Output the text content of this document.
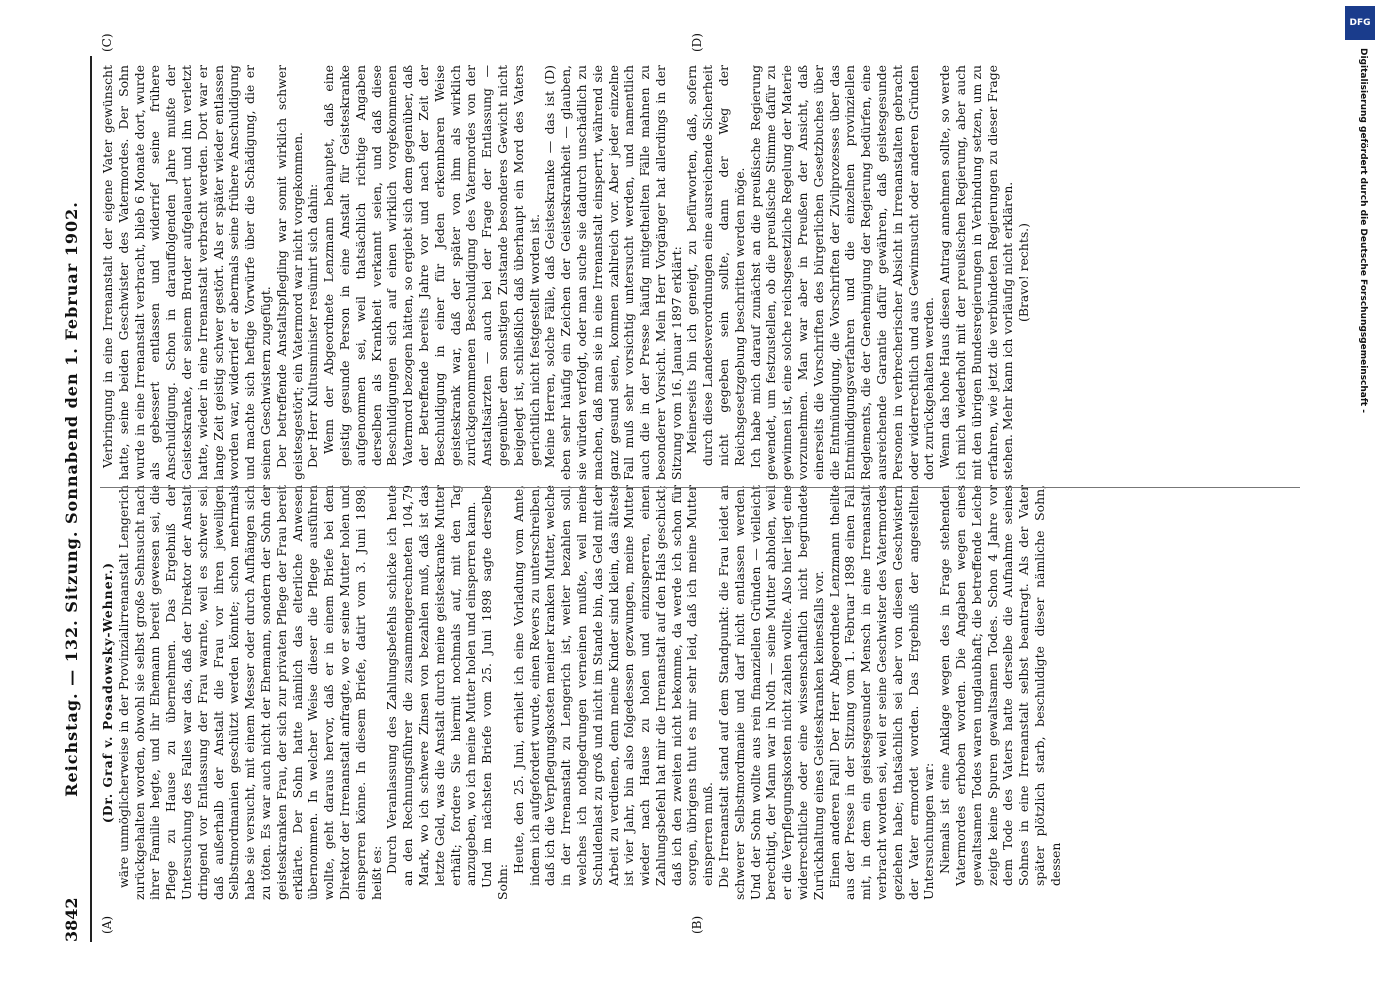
3842
Reichstag. — 132. Sitzung. Sonnabend den 1. Februar 1902.
(A)	(B)
(C)	(D)

(Dr. Graf v. Posadowsky-Wehner.) wäre unmöglicherweise in der Provinzialirrenanstalt Lengerich zurückgehalten worden, obwohl sie selbst große Sehnsucht nach ihrer Familie hegte, und ihr Ehemann bereit gewesen sei, die Pflege zu Hause zu übernehmen. Das Ergebniß der Untersuchung des Falles war das, daß der Direktor der Anstalt dringend vor Entlassung der Frau warnte, weil es schwer sei, daß außerhalb der Anstalt die Frau vor ihren jeweiligen Selbstmordmanien geschützt werden könnte; schon mehrmals habe sie versucht, mit einem Messer oder durch Aufhängen sich zu töten. Es war auch nicht der Ehemann, sondern der Sohn der geisteskranken Frau, der sich zur privaten Pflege der Frau bereit erklärte. Der Sohn hatte nämlich das elterliche Anwesen übernommen. In welcher Weise dieser die Pflege ausführen wollte, geht daraus hervor, daß er in einem Briefe bei dem Direktor der Irrenanstalt anfragte, wo er seine Mutter holen und einsperren könne. In diesem Briefe, datirt vom 3. Juni 1898, heißt es: Durch Veranlassung des Zahlungsbefehls schicke ich heute an den Rechnungsführer die zusammengerechneten 104,79 Mark, wo ich schwere Zinsen von bezahlen muß, daß ist das letzte Geld, was die Anstalt durch meine geisteskranke Mutter erhält; fordere Sie hiermit nochmals auf, mit den Tag anzugeben, wo ich meine Mutter holen und einsperren kann. Und im nächsten Briefe vom 25. Juni 1898 sagte derselbe Sohn:

Heute, den 25. Juni, erhielt ich eine Vorladung vom Amte, indem ich aufgefordert wurde, einen Revers zu unterschreiben, daß ich die Verpflegungskosten meiner kranken Mutter, welche in der Irrenanstalt zu Lengerich ist, weiter bezahlen soll, welches ich nothgedrungen verneinen mußte, weil meine Schuldenlast zu groß und nicht im Stande bin, das Geld mit der Arbeit zu verdienen, denn meine Kinder sind klein, das älteste ist vier Jahr, bin also folgedessen gezwungen, meine Mutter wieder nach Hause zu holen und einzusperren, einen Zahlungsbefehl hat mir die Irrenanstalt auf den Hals geschickt; daß ich den zweiten nicht bekomme, da werde ich schon für sorgen, übrigens thut es mir sehr leid, daß ich meine Mutter einsperren muß. Die Irrenanstalt stand auf dem Standpunkt: die Frau leidet an schwerer Selbstmordmanie und darf nicht entlassen werden. Und der Sohn wollte aus rein finanziellen Gründen — vielleicht berechtigt, der Mann war in Noth — seine Mutter abholen, weil er die Verpflegungskosten nicht zahlen wollte. Also hier liegt eine widerrechtliche oder eine wissenschaftlich nicht begründete Zurückhaltung eines Geisteskranken keinesfalls vor. Einen anderen Fall! Der Herr Abgeordnete Lenzmann theilte aus der Presse in der Sitzung vom 1. Februar 1898 einen Fall mit, in dem ein geistesgesunder Mensch in eine Irrenanstalt verbracht worden sei, weil er seine Geschwister des Vatermordes geziehen habe; thatsächlich sei aber von diesen Geschwistern der Vater ermordet worden. Das Ergebniß der angestellten Untersuchungen war: Niemals ist eine Anklage wegen des in Frage stehenden Vatermordes erhoben worden. Die Angaben wegen eines gewaltsamen Todes waren unglaubhaft; die betreffende Leiche zeigte keine Spuren gewaltsamen Todes. Schon 4 Jahre vor dem Tode des Vaters hatte derselbe die Aufnahme seines Sohnes in eine Irrenanstalt selbst beantragt. Als der Vater später plötzlich starb, beschuldigte dieser nämliche Sohn, dessen

Verbringung in eine Irrenanstalt der eigene Vater gewünscht hatte, seine beiden Geschwister des Vatermordes. Der Sohn wurde in eine Irrenanstalt verbracht, blieb 6 Monate dort, wurde als gebessert entlassen und widerrief seine frühere Anschuldigung. Schon in darauffolgenden Jahre mußte der Geisteskranke, der seinem Bruder aufgelauert und ihn verletzt hatte, wieder in eine Irrenanstalt verbracht werden. Dort war er lange Zeit geistig schwer gestört. Als er später wieder entlassen worden war, widerrief er abermals seine frühere Anschuldigung und machte sich heftige Vorwürfe über die Schädigung, die er seinen Geschwistern zugefügt. Der betreffende Anstaltspflegling war somit wirklich schwer geistesgestört; ein Vatermord war nicht vorgekommen. Der Herr Kultusminister resümirt sich dahin: Wenn der Abgeordnete Lenzmann behauptet, daß eine geistig gesunde Person in eine Anstalt für Geisteskranke aufgenommen sei, weil thatsächlich richtige Angaben derselben als Krankheit verkannt seien, und daß diese Beschuldigungen sich auf einen wirklich vorgekommenen Vatermord bezogen hätten, so ergiebt sich dem gegenüber, daß der Betreffende bereits Jahre vor und nach der Zeit der Beschuldigung in einer für Jeden erkennbaren Weise geisteskrank war, daß der später von ihm als wirklich zurückgenommenen Beschuldigung des Vatermordes von der Anstaltsärzten — auch bei der Frage der Entlassung — gegenüber dem sonstigen Zustande besonderes Gewicht nicht beigelegt ist, schließlich daß überhaupt ein Mord des Vaters gerichtlich nicht festgestellt worden ist. Meine Herren, solche Fälle, daß Geisteskranke — das ist (D) eben sehr häufig ein Zeichen der Geisteskrankheit — glauben, sie würden verfolgt, oder man suche sie dadurch unschädlich zu machen, daß man sie in eine Irrenanstalt einsperrt, während sie ganz gesund seien, kommen zahlreich vor. Aber jeder einzelne Fall muß sehr vorsichtig untersucht werden, und namentlich auch die in der Presse häufig mitgetheilten Fälle mahnen zu besonderer Vorsicht. Mein Herr Vorgänger hat allerdings in der Sitzung vom 16. Januar 1897 erklärt: Meinerseits bin ich geneigt, zu befürworten, daß, sofern durch diese Landesverordnungen eine ausreichende Sicherheit nicht gegeben sein sollte, dann der Weg der Reichsgesetzgebung beschritten werden möge. Ich habe mich darauf zunächst an die preußische Regierung gewendet, um festzustellen, ob die preußische Stimme dafür zu gewinnen ist, eine solche reichsgesetzliche Regelung der Materie vorzunehmen. Man war aber in Preußen der Ansicht, daß einerseits die Vorschriften des bürgerlichen Gesetzbuches über die Entmündigung, die Vorschriften der Zivilprozesses über das Entmündigungsverfahren und die einzelnen provinziellen Reglements, die der Genehmigung der Regierung bedürfen, eine ausreichende Garantie dafür gewähren, daß geistesgesunde Personen in verbrecherischer Absicht in Irrenanstalten gebracht oder widerrechtlich und aus Gewinnsucht oder anderen Gründen dort zurückgehalten werden. Wenn das hohe Haus diesen Antrag annehmen sollte, so werde ich mich wiederholt mit der preußischen Regierung, aber auch mit den übrigen Bundesregierungen in Verbindung setzen, um zu erfahren, wie jetzt die verbündeten Regierungen zu dieser Frage stehen. Mehr kann ich vorläufig nicht erklären. (Bravo! rechts.)

DFG
Digitalisierung gefördert durch die Deutsche Forschungsgemeinschaft -
